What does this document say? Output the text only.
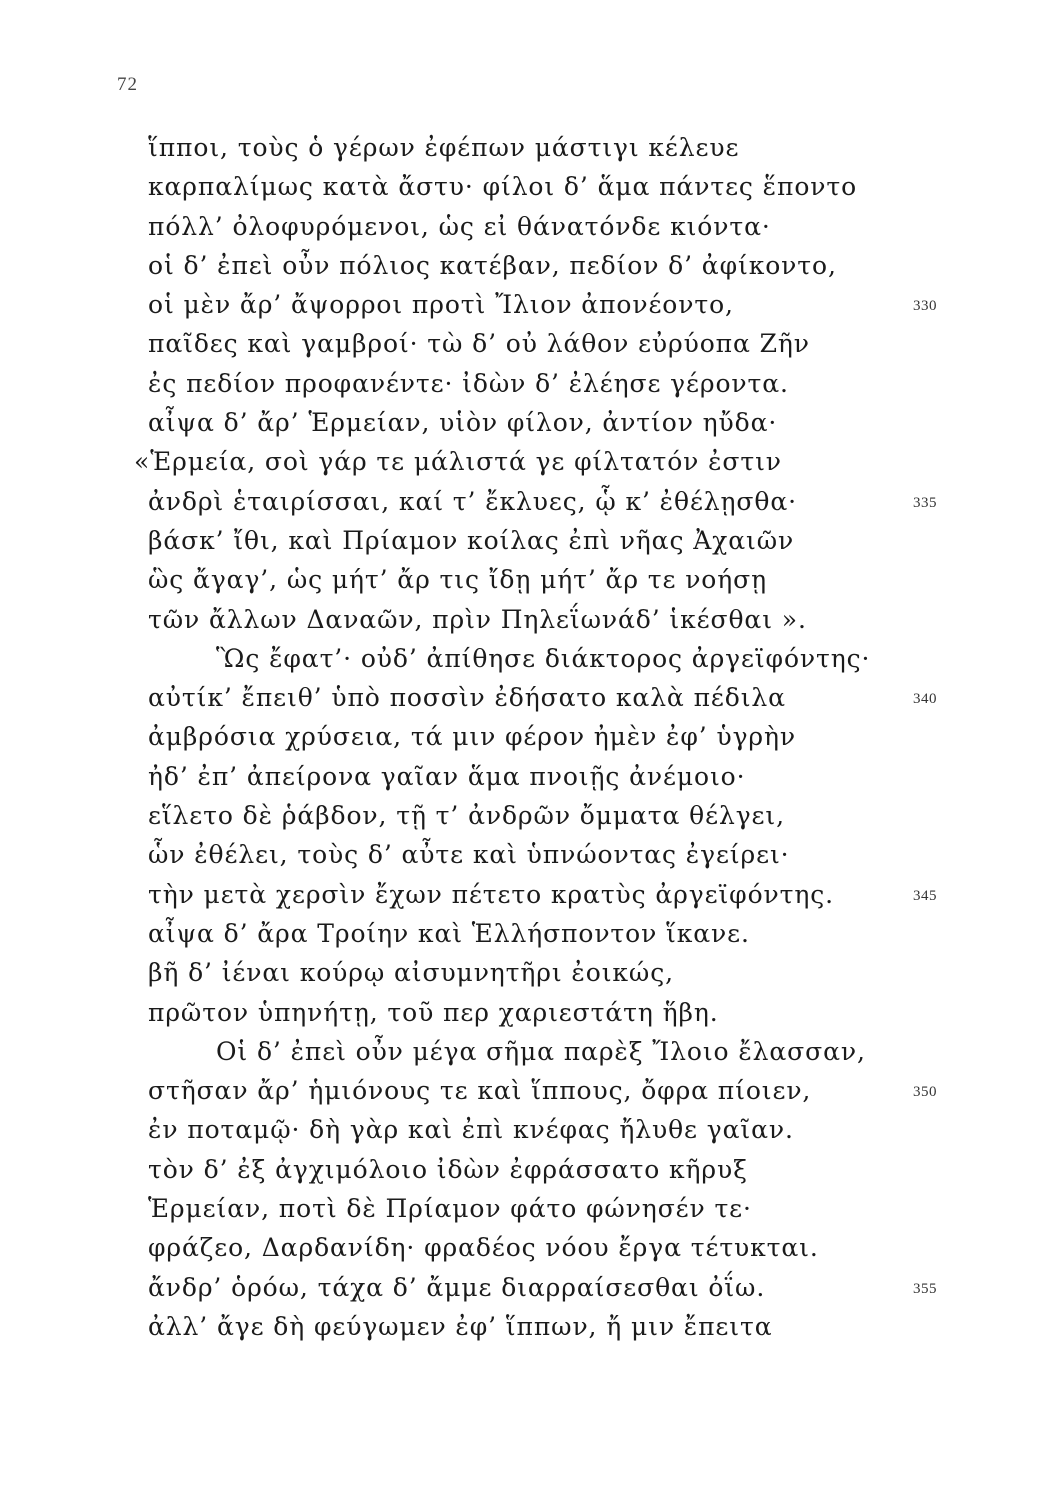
72
ἵπποι, τοὺς ὁ γέρων ἐφέπων μάστιγι κέλευε
καρπαλίμως κατὰ ἄστυ· φίλοι δ’ ἅμα πάντες ἕποντο
πόλλ’ ὀλοφυρόμενοι, ὡς εἰ θάνατόνδε κιόντα·
οἱ δ’ ἐπεὶ οὖν πόλιος κατέβαν, πεδίον δ’ ἀφίκοντο,
οἱ μὲν ἄρ’ ἄψορροι προτὶ Ἴλιον ἀπονέοντο,	330
παῖδες καὶ γαμβροί· τὼ δ’ οὐ λάθον εὐρύοπα Ζῆν
ἐς πεδίον προφανέντε· ἰδὼν δ’ ἐλέησε γέροντα.
αἶψα δ’ ἄρ’ Ἑρμείαν, υἱὸν φίλον, ἀντίον ηὔδα·
«Ἑρμεία, σοὶ γάρ τε μάλιστά γε φίλτατόν ἐστιν
ἀνδρὶ ἑταιρίσσαι, καί τ’ ἔκλυες, ᾧ κ’ ἐθέλῃσθα·	335
βάσκ’ ἴθι, καὶ Πρίαμον κοίλας ἐπὶ νῆας Ἀχαιῶν
ὣς ἄγαγ’, ὡς μήτ’ ἄρ τις ἴδῃ μήτ’ ἄρ τε νοήσῃ
τῶν ἄλλων Δαναῶν, πρὶν Πηλεΐωνάδ’ ἱκέσθαι ».
Ὣς ἔφατ’· οὐδ’ ἀπίθησε διάκτορος ἀργεϊφόντης·
αὐτίκ’ ἔπειθ’ ὑπὸ ποσσὶν ἐδήσατο καλὰ πέδιλα	340
ἀμβρόσια χρύσεια, τά μιν φέρον ἠμὲν ἐφ’ ὑγρὴν
ἠδ’ ἐπ’ ἀπείρονα γαῖαν ἅμα πνοιῇς ἀνέμοιο·
εἵλετο δὲ ῥάβδον, τῇ τ’ ἀνδρῶν ὄμματα θέλγει,
ὧν ἐθέλει, τοὺς δ’ αὖτε καὶ ὑπνώοντας ἐγείρει·
τὴν μετὰ χερσὶν ἔχων πέτετο κρατὺς ἀργεϊφόντης.	345
αἶψα δ’ ἄρα Τροίην καὶ Ἑλλήσποντον ἵκανε.
βῆ δ’ ἰέναι κούρῳ αἰσυμνητῆρι ἐοικώς,
πρῶτον ὑπηνήτῃ, τοῦ περ χαριεστάτη ἥβη.
Οἱ δ’ ἐπεὶ οὖν μέγα σῆμα παρὲξ Ἴλοιο ἔλασσαν,
στῆσαν ἄρ’ ἡμιόνους τε καὶ ἵππους, ὄφρα πίοιεν,	350
ἐν ποταμῷ· δὴ γὰρ καὶ ἐπὶ κνέφας ἤλυθε γαῖαν.
τὸν δ’ ἐξ ἀγχιμόλοιο ἰδὼν ἐφράσσατο κῆρυξ
Ἑρμείαν, ποτὶ δὲ Πρίαμον φάτο φώνησέν τε·
φράζεο, Δαρδανίδη· φραδέος νόου ἔργα τέτυκται.
ἄνδρ’ ὁρόω, τάχα δ’ ἄμμε διαρραίσεσθαι ὀΐω.	355
ἀλλ’ ἄγε δὴ φεύγωμεν ἐφ’ ἵππων, ἤ μιν ἔπειτα
